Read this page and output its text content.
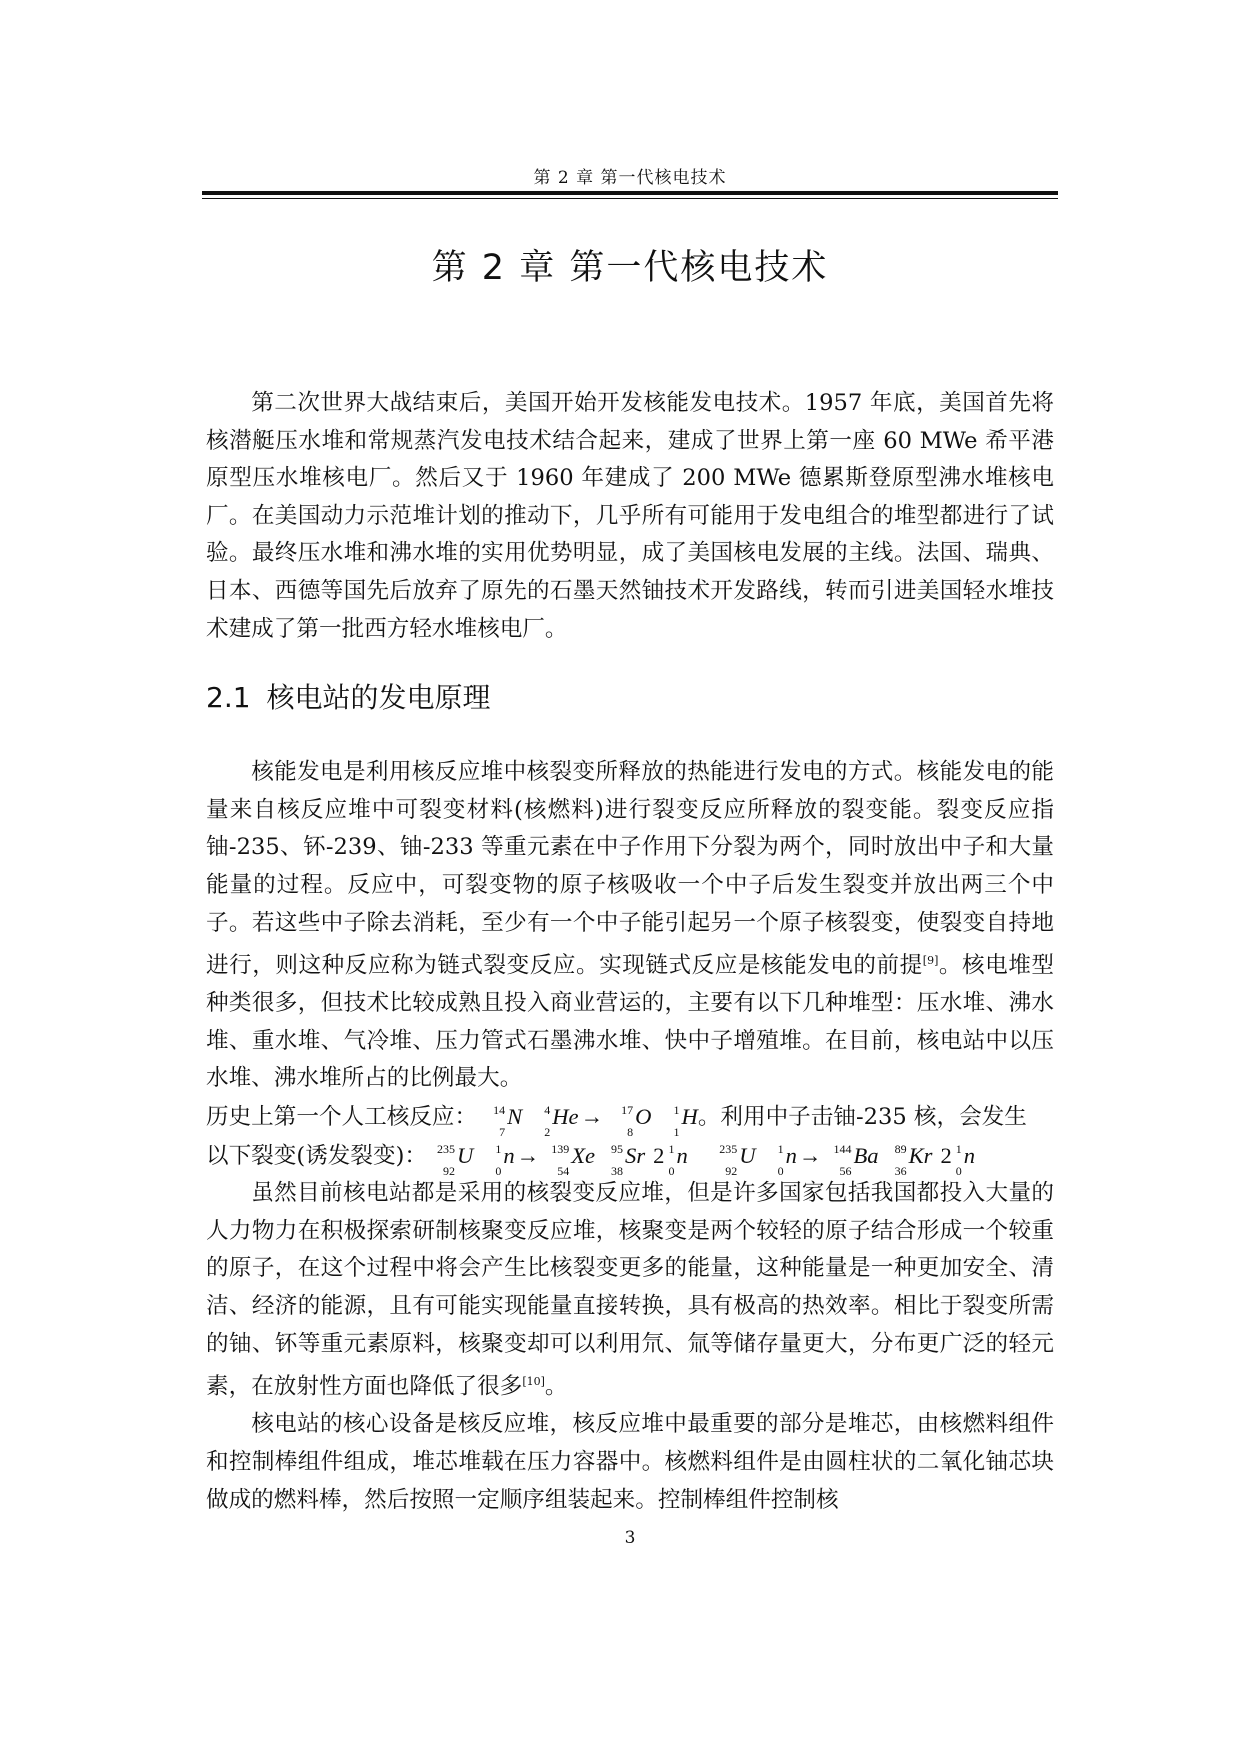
第 2 章 第一代核电技术
第 2 章 第一代核电技术

第二次世界大战结束后，美国开始开发核能发电技术。1957 年底，美国首先将核潜艇压水堆和常规蒸汽发电技术结合起来，建成了世界上第一座 60 MWe 希平港原型压水堆核电厂。然后又于 1960 年建成了 200 MWe 德累斯登原型沸水堆核电厂。在美国动力示范堆计划的推动下，几乎所有可能用于发电组合的堆型都进行了试验。最终压水堆和沸水堆的实用优势明显，成了美国核电发展的主线。法国、瑞典、日本、西德等国先后放弃了原先的石墨天然铀技术开发路线，转而引进美国轻水堆技术建成了第一批西方轻水堆核电厂。

2.1 核电站的发电原理

核能发电是利用核反应堆中核裂变所释放的热能进行发电的方式。核能发电的能量来自核反应堆中可裂变材料(核燃料)进行裂变反应所释放的裂变能。裂变反应指铀-235、钚-239、铀-233 等重元素在中子作用下分裂为两个，同时放出中子和大量能量的过程。反应中，可裂变物的原子核吸收一个中子后发生裂变并放出两三个中子。若这些中子除去消耗，至少有一个中子能引起另一个原子核裂变，使裂变自持地进行，则这种反应称为链式裂变反应。实现链式反应是核能发电的前提[9]。核电堆型种类很多，但技术比较成熟且投入商业营运的，主要有以下几种堆型：压水堆、沸水堆、重水堆、气冷堆、压力管式石墨沸水堆、快中子增殖堆。在目前，核电站中以压水堆、沸水堆所占的比例最大。

历史上第一个人工核反应：	14
7
N	4
2
He→	17
8
O	1
1
H。利用中子击铀-235 核，会发生

以下裂变(诱发裂变)： 235
92
U	1
0
n→	139
54
Xe	95
38
Sr 2 1
0
n	235
92
U	1
0
n→	144
56
Ba	89
36
Kr 2 1
0
n

虽然目前核电站都是采用的核裂变反应堆，但是许多国家包括我国都投入大量的人力物力在积极探索研制核聚变反应堆，核聚变是两个较轻的原子结合形成一个较重的原子，在这个过程中将会产生比核裂变更多的能量，这种能量是一种更加安全、清洁、经济的能源，且有可能实现能量直接转换，具有极高的热效率。相比于裂变所需的铀、钚等重元素原料，核聚变却可以利用氘、氚等储存量更大，分布更广泛的轻元素，在放射性方面也降低了很多[10]。

核电站的核心设备是核反应堆，核反应堆中最重要的部分是堆芯，由核燃料组件和控制棒组件组成，堆芯堆载在压力容器中。核燃料组件是由圆柱状的二氧化铀芯块做成的燃料棒，然后按照一定顺序组装起来。控制棒组件控制核

3
